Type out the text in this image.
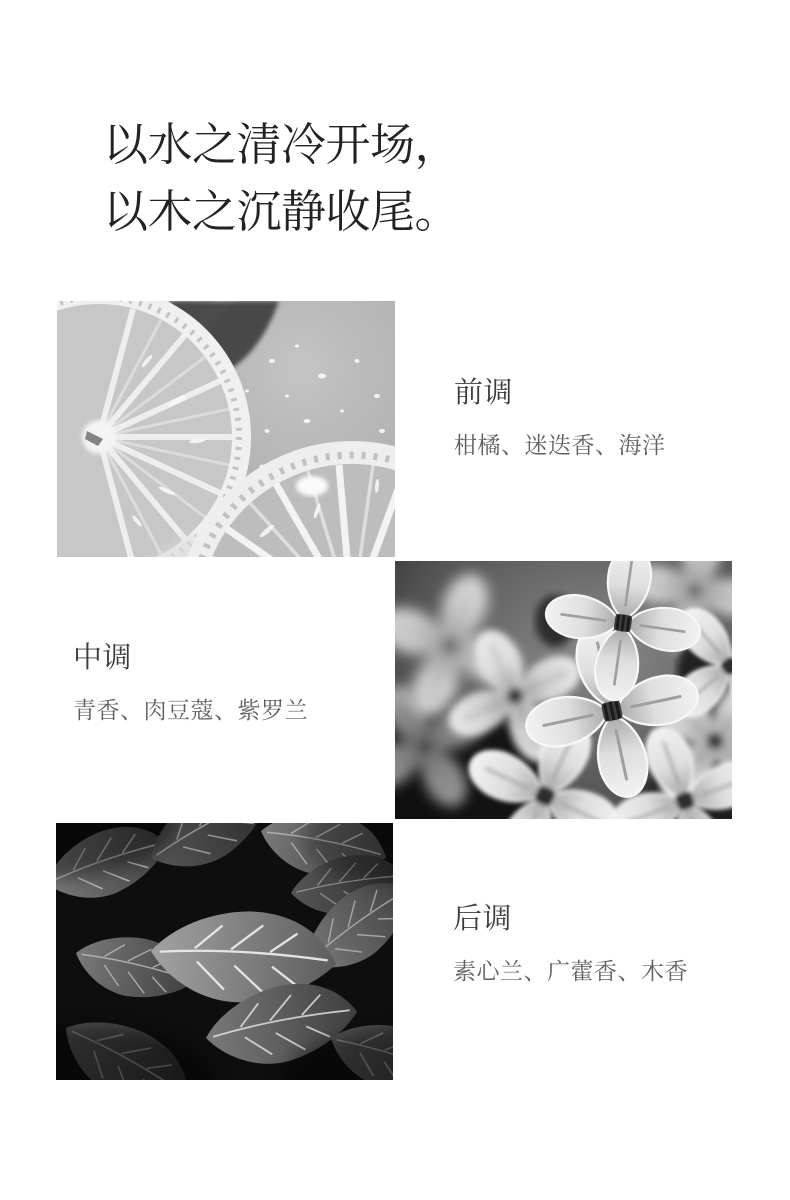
以水之清冷开场，
以木之沉静收尾。
前调
柑橘、迷迭香、海洋
中调
青香、肉豆蔻、紫罗兰
后调
素心兰、广藿香、木香
